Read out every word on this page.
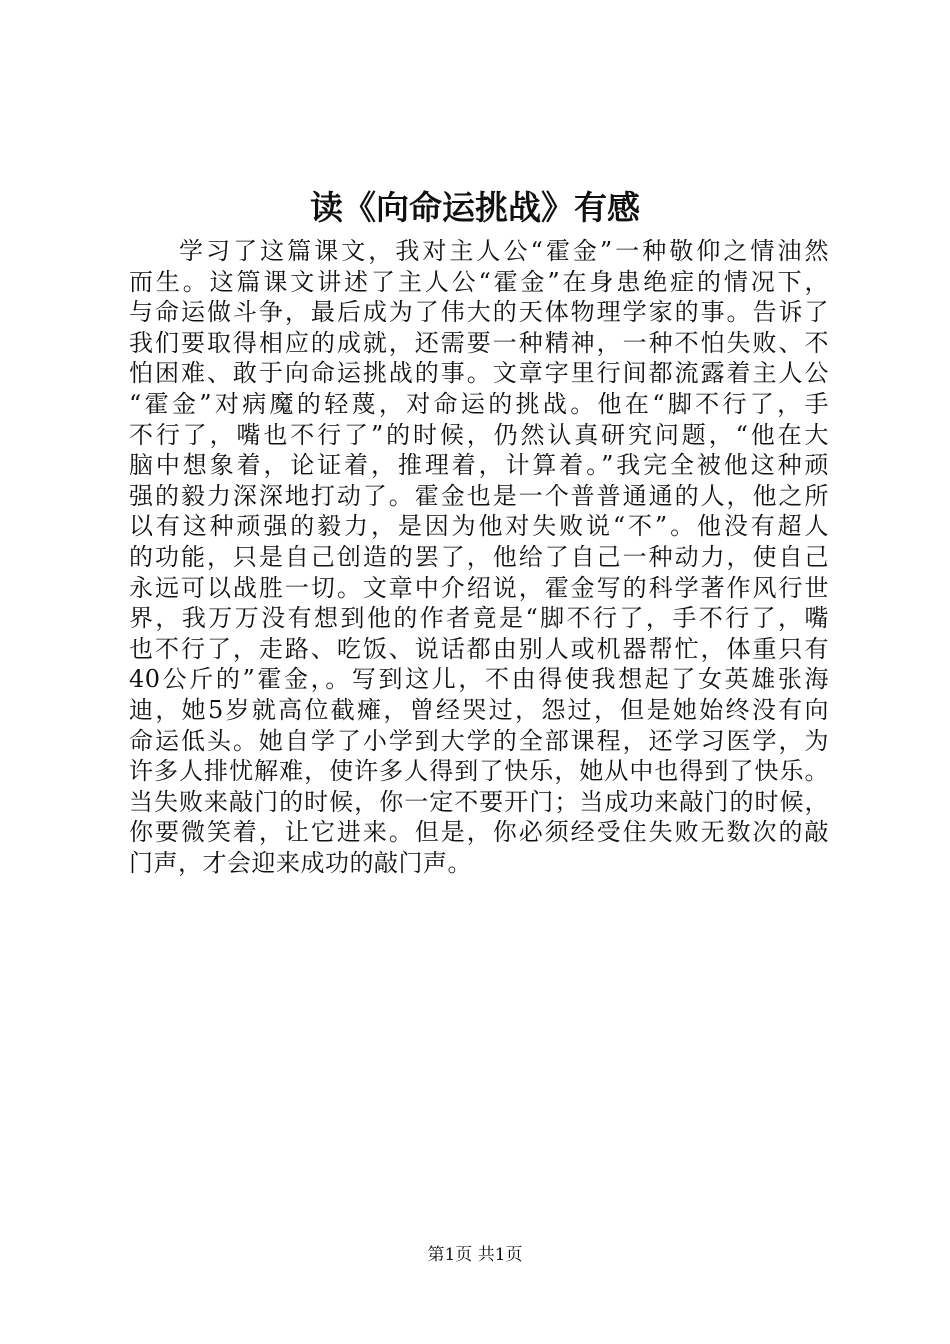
读《向命运挑战》有感
学习了这篇课文，我对主人公“霍金”一种敬仰之情油然
而生。这篇课文讲述了主人公“霍金”在身患绝症的情况下，
与命运做斗争，最后成为了伟大的天体物理学家的事。告诉了
我们要取得相应的成就，还需要一种精神，一种不怕失败、不
怕困难、敢于向命运挑战的事。文章字里行间都流露着主人公
“霍金”对病魔的轻蔑，对命运的挑战。他在“脚不行了，手
不行了，嘴也不行了”的时候，仍然认真研究问题，“他在大
脑中想象着，论证着，推理着，计算着。”我完全被他这种顽
强的毅力深深地打动了。霍金也是一个普普通通的人，他之所
以有这种顽强的毅力，是因为他对失败说“不”。他没有超人
的功能，只是自己创造的罢了，他给了自己一种动力，使自己
永远可以战胜一切。文章中介绍说，霍金写的科学著作风行世
界，我万万没有想到他的作者竟是“脚不行了，手不行了，嘴
也不行了，走路、吃饭、说话都由别人或机器帮忙，体重只有
40公斤的”霍金，。写到这儿，不由得使我想起了女英雄张海
迪，她5岁就高位截瘫，曾经哭过，怨过，但是她始终没有向
命运低头。她自学了小学到大学的全部课程，还学习医学，为
许多人排忧解难，使许多人得到了快乐，她从中也得到了快乐。
当失败来敲门的时候，你一定不要开门；当成功来敲门的时候，
你要微笑着，让它进来。但是，你必须经受住失败无数次的敲
门声，才会迎来成功的敲门声。
第1页 共1页
